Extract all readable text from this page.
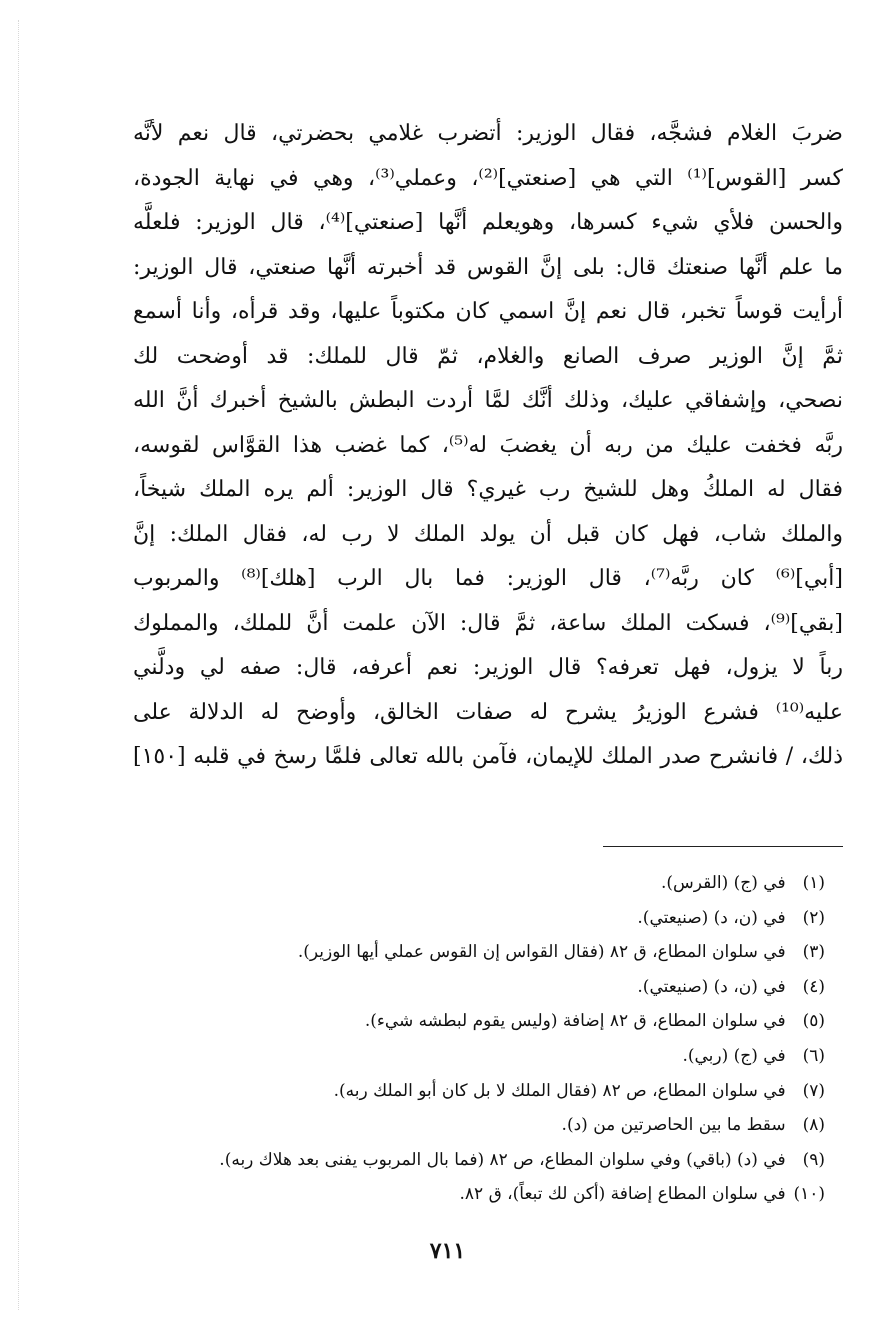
ضربَ الغلام فشجَّه، فقال الوزير: أتضرب غلامي بحضرتي، قال نعم لأنَّه
كسر [القوس]⁽¹⁾ التي هي [صنعتي]⁽²⁾، وعملي⁽³⁾، وهي في نهاية الجودة،
والحسن فلأي شيء كسرها، وهويعلم أنَّها [صنعتي]⁽⁴⁾، قال الوزير: فلعلَّه
ما علم أنَّها صنعتك قال: بلى إنَّ القوس قد أخبرته أنَّها صنعتي، قال الوزير:
أرأيت قوساً تخبر، قال نعم إنَّ اسمي كان مكتوباً عليها، وقد قرأه، وأنا أسمع
ثمَّ إنَّ الوزير صرف الصانع والغلام، ثمّ قال للملك: قد أوضحت لك
نصحي، وإشفاقي عليك، وذلك أنَّك لمَّا أردت البطش بالشيخ أخبرك أنَّ الله
ربَّه فخفت عليك من ربه أن يغضبَ له⁽⁵⁾، كما غضب هذا القوَّاس لقوسه،
فقال له الملكُ وهل للشيخ رب غيري؟ قال الوزير: ألم يره الملك شيخاً،
والملك شاب، فهل كان قبل أن يولد الملك لا رب له، فقال الملك: إنَّ
[أبي]⁽⁶⁾ كان ربَّه⁽⁷⁾، قال الوزير: فما بال الرب [هلك]⁽⁸⁾ والمربوب
[بقي]⁽⁹⁾، فسكت الملك ساعة، ثمَّ قال: الآن علمت أنَّ للملك، والمملوك
رباً لا يزول، فهل تعرفه؟ قال الوزير: نعم أعرفه، قال: صفه لي ودلَّني
عليه⁽¹⁰⁾ فشرع الوزيرُ يشرح له صفات الخالق، وأوضح له الدلالة على
ذلك، / فانشرح صدر الملك للإيمان، فآمن بالله تعالى فلمَّا رسخ في قلبه [١٥٠]
(١) في (ج) (القرس).
(٢) في (ن، د) (صنيعتي).
(٣) في سلوان المطاع، ق ٨٢ (فقال القواس إن القوس عملي أيها الوزير).
(٤) في (ن، د) (صنيعتي).
(٥) في سلوان المطاع، ق ٨٢ إضافة (وليس يقوم لبطشه شيء).
(٦) في (ج) (ربي).
(٧) في سلوان المطاع، ص ٨٢ (فقال الملك لا بل كان أبو الملك ربه).
(٨) سقط ما بين الحاصرتين من (د).
(٩) في (د) (باقي) وفي سلوان المطاع، ص ٨٢ (فما بال المربوب يفنى بعد هلاك ربه).
(١٠) في سلوان المطاع إضافة (أكن لك تبعاً)، ق ٨٢.
٧١١
